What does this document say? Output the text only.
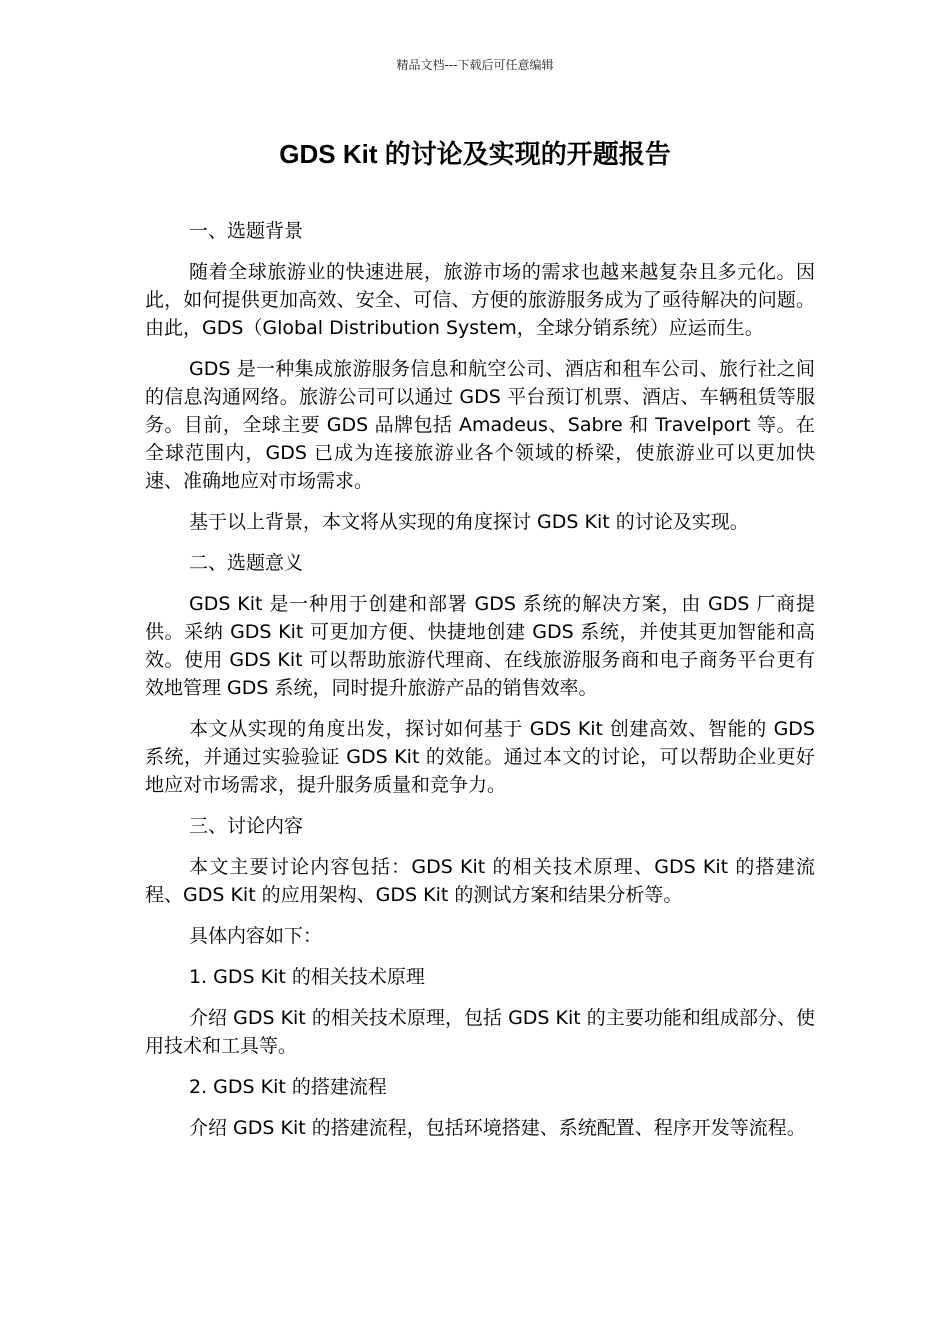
精品文档---下载后可任意编辑
GDS Kit 的讨论及实现的开题报告

一、选题背景

随着全球旅游业的快速进展，旅游市场的需求也越来越复杂且多元化。因此，如何提供更加高效、安全、可信、方便的旅游服务成为了亟待解决的问题。由此，GDS（Global Distribution System，全球分销系统）应运而生。

GDS 是一种集成旅游服务信息和航空公司、酒店和租车公司、旅行社之间的信息沟通网络。旅游公司可以通过 GDS 平台预订机票、酒店、车辆租赁等服务。目前，全球主要 GDS 品牌包括 Amadeus、Sabre 和 Travelport 等。在全球范围内，GDS 已成为连接旅游业各个领域的桥梁，使旅游业可以更加快速、准确地应对市场需求。

基于以上背景，本文将从实现的角度探讨 GDS Kit 的讨论及实现。

二、选题意义

GDS Kit 是一种用于创建和部署 GDS 系统的解决方案，由 GDS 厂商提供。采纳 GDS Kit 可更加方便、快捷地创建 GDS 系统，并使其更加智能和高效。使用 GDS Kit 可以帮助旅游代理商、在线旅游服务商和电子商务平台更有效地管理 GDS 系统，同时提升旅游产品的销售效率。

本文从实现的角度出发，探讨如何基于 GDS Kit 创建高效、智能的 GDS 系统，并通过实验验证 GDS Kit 的效能。通过本文的讨论，可以帮助企业更好地应对市场需求，提升服务质量和竞争力。

三、讨论内容

本文主要讨论内容包括：GDS Kit 的相关技术原理、GDS Kit 的搭建流程、GDS Kit 的应用架构、GDS Kit 的测试方案和结果分析等。

具体内容如下：

1. GDS Kit 的相关技术原理

介绍 GDS Kit 的相关技术原理，包括 GDS Kit 的主要功能和组成部分、使用技术和工具等。

2. GDS Kit 的搭建流程

介绍 GDS Kit 的搭建流程，包括环境搭建、系统配置、程序开发等流程。
